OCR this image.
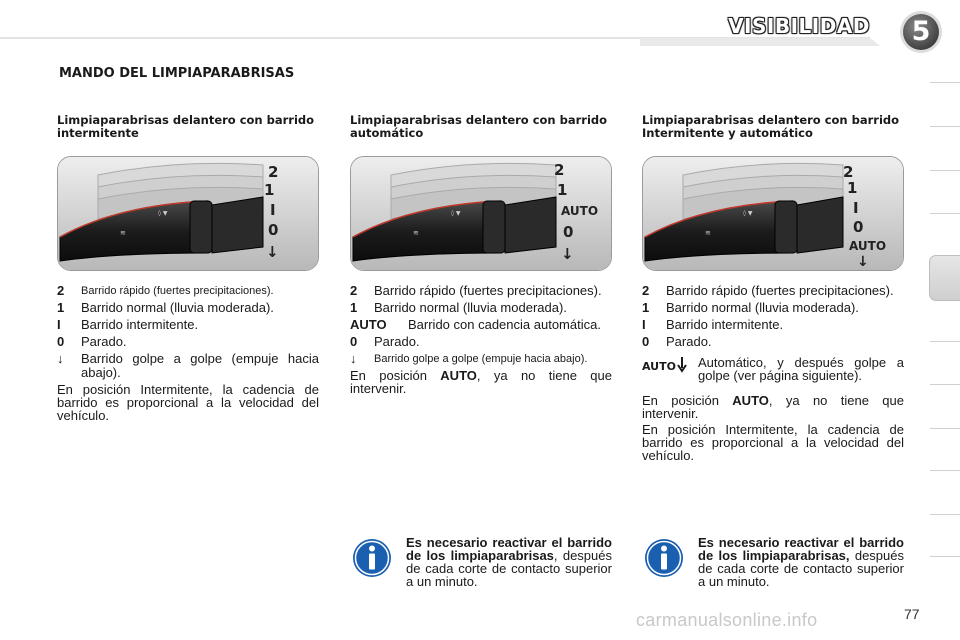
VISIBILIDAD	5
MANDO DEL LIMPIAPARABRISAS
Limpiaparabrisas delantero con barrido intermitente
Limpiaparabrisas delantero con barrido automático
Limpiaparabrisas delantero con barrido Intermitente y automático
≋
◊ ▼
2
1
I
0
↓
≋
◊ ▼
2
1
AUTO
0
↓
≋
◊ ▼
2
1
I
0
AUTO
↓
2 Barrido rápido (fuertes precipitaciones).
1 Barrido normal (lluvia moderada).
I Barrido intermitente.
0 Parado.
↓ Barrido golpe a golpe (empuje hacia abajo).
En posición Intermitente, la cadencia de barrido es proporcional a la velocidad del vehículo.
2 Barrido rápido (fuertes precipitaciones).
1 Barrido normal (lluvia moderada).
AUTO Barrido con cadencia automática.
0 Parado.
↓ Barrido golpe a golpe (empuje hacia abajo).
En posición AUTO, ya no tiene que intervenir.
2 Barrido rápido (fuertes precipitaciones).
1 Barrido normal (lluvia moderada).
I Barrido intermitente.
0 Parado.
AUTO Automático, y después golpe a golpe (ver página siguiente).
En posición AUTO, ya no tiene que intervenir.
En posición Intermitente, la cadencia de barrido es proporcional a la velocidad del vehículo.
Es necesario reactivar el barrido de los limpiaparabrisas, después de cada corte de contacto superior a un minuto.
Es necesario reactivar el barrido de los limpiaparabrisas, después de cada corte de contacto superior a un minuto.
carmanualsonline.info	77
